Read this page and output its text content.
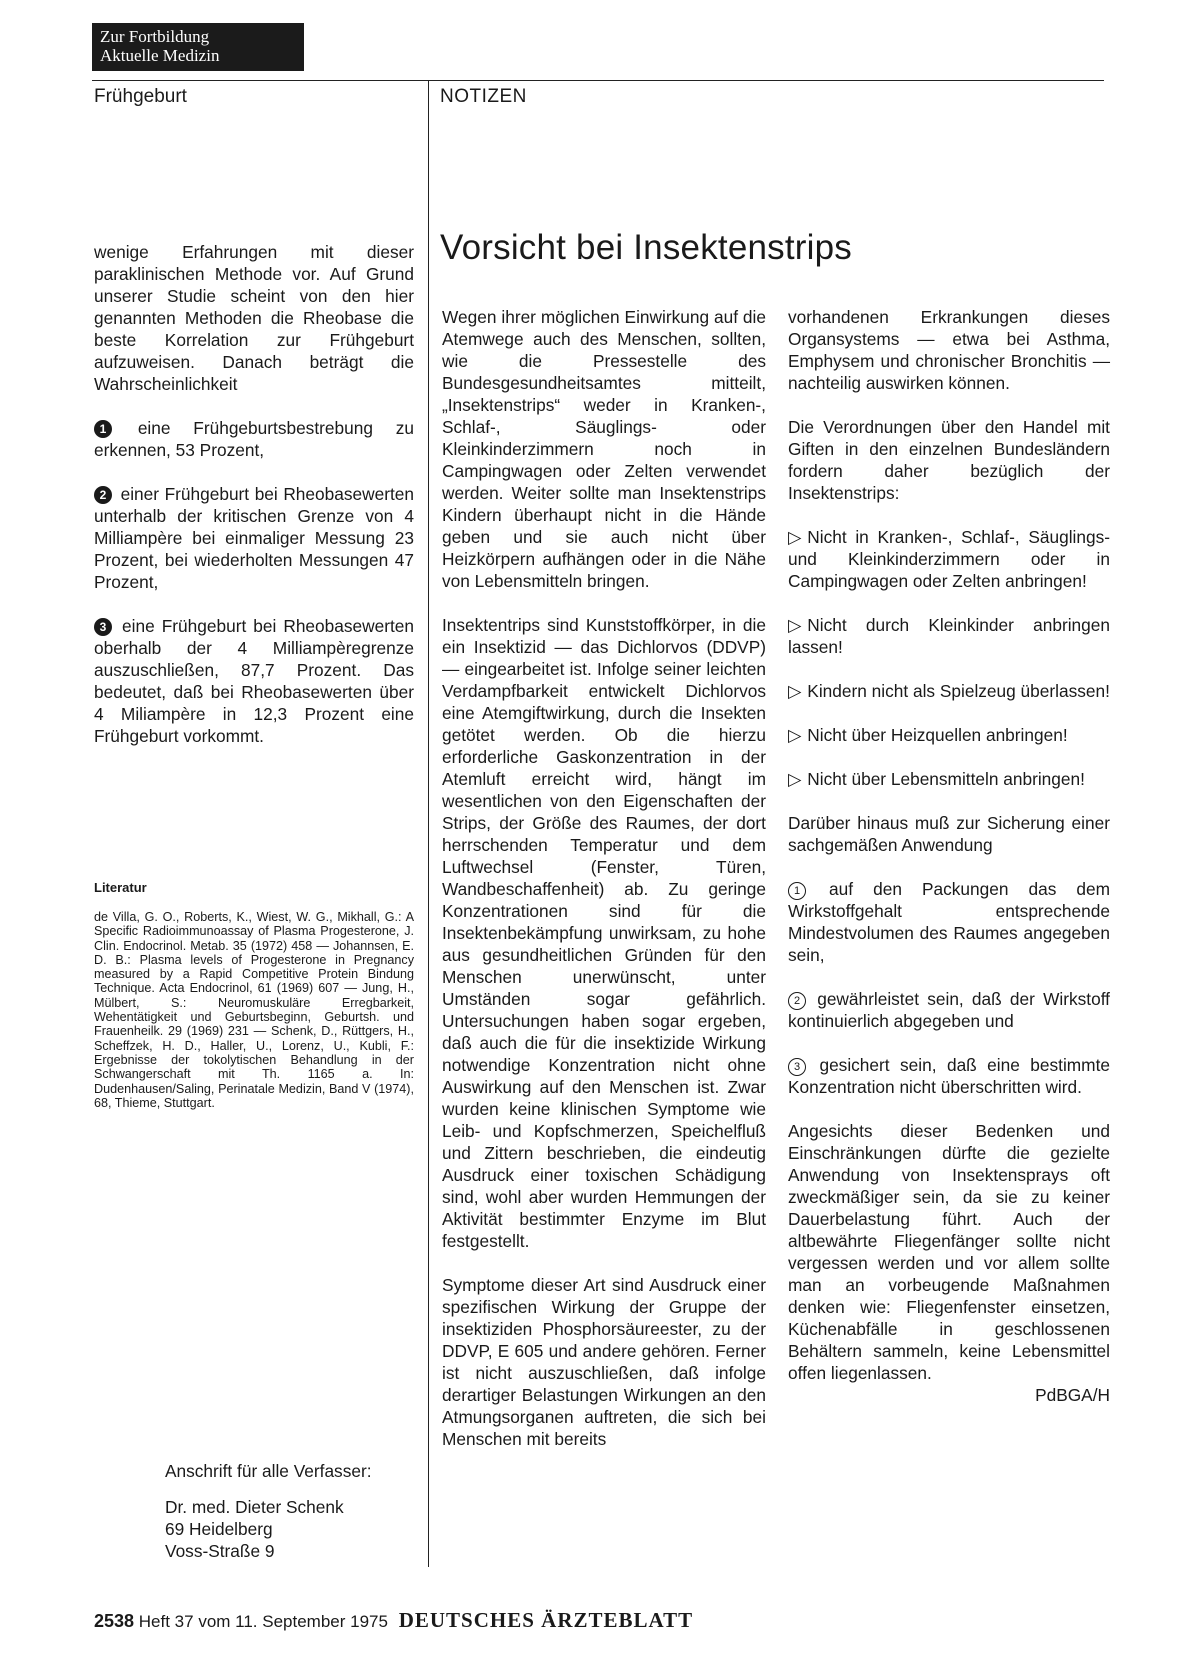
Zur Fortbildung
Aktuelle Medizin
Frühgeburt	NOTIZEN
Vorsicht bei Insektenstrips

wenige Erfahrungen mit dieser paraklinischen Methode vor. Auf Grund unserer Studie scheint von den hier genannten Methoden die Rheobase die beste Korrelation zur Frühgeburt aufzuweisen. Danach beträgt die Wahrscheinlichkeit

1 eine Frühgeburtsbestrebung zu erkennen, 53 Prozent,

2 einer Frühgeburt bei Rheobasewerten unterhalb der kritischen Grenze von 4 Milliampère bei einmaliger Messung 23 Prozent, bei wiederholten Messungen 47 Prozent,

3 eine Frühgeburt bei Rheobasewerten oberhalb der 4 Milliampèregrenze auszuschließen, 87,7 Prozent. Das bedeutet, daß bei Rheobasewerten über 4 Miliampère in 12,3 Prozent eine Frühgeburt vorkommt.

Literatur

de Villa, G. O., Roberts, K., Wiest, W. G., Mikhall, G.: A Specific Radioimmunoassay of Plasma Progesterone, J. Clin. Endocrinol. Metab. 35 (1972) 458 — Johannsen, E. D. B.: Plasma levels of Progesterone in Pregnancy measured by a Rapid Competitive Protein Bindung Technique. Acta Endocrinol, 61 (1969) 607 — Jung, H., Mülbert, S.: Neuromuskuläre Erregbarkeit, Wehentätigkeit und Geburtsbeginn, Geburtsh. und Frauenheilk. 29 (1969) 231 — Schenk, D., Rüttgers, H., Scheffzek, H. D., Haller, U., Lorenz, U., Kubli, F.: Ergebnisse der tokolytischen Behandlung in der Schwangerschaft mit Th. 1165 a. In: Dudenhausen/Saling, Perinatale Medizin, Band V (1974), 68, Thieme, Stuttgart.

Anschrift für alle Verfasser:
Dr. med. Dieter Schenk
69 Heidelberg
Voss-Straße 9

Wegen ihrer möglichen Einwirkung auf die Atemwege auch des Menschen, sollten, wie die Pressestelle des Bundesgesundheitsamtes mitteilt, „Insektenstrips“ weder in Kranken-, Schlaf-, Säuglings- oder Kleinkinderzimmern noch in Campingwagen oder Zelten verwendet werden. Weiter sollte man Insektenstrips Kindern überhaupt nicht in die Hände geben und sie auch nicht über Heizkörpern aufhängen oder in die Nähe von Lebensmitteln bringen.

Insektentrips sind Kunststoffkörper, in die ein Insektizid — das Dichlorvos (DDVP) — eingearbeitet ist. Infolge seiner leichten Verdampfbarkeit entwickelt Dichlorvos eine Atemgiftwirkung, durch die Insekten getötet werden. Ob die hierzu erforderliche Gaskonzentration in der Atemluft erreicht wird, hängt im wesentlichen von den Eigenschaften der Strips, der Größe des Raumes, der dort herrschenden Temperatur und dem Luftwechsel (Fenster, Türen, Wandbeschaffenheit) ab. Zu geringe Konzentrationen sind für die Insektenbekämpfung unwirksam, zu hohe aus gesundheitlichen Gründen für den Menschen unerwünscht, unter Umständen sogar gefährlich. Untersuchungen haben sogar ergeben, daß auch die für die insektizide Wirkung notwendige Konzentration nicht ohne Auswirkung auf den Menschen ist. Zwar wurden keine klinischen Symptome wie Leib- und Kopfschmerzen, Speichelfluß und Zittern beschrieben, die eindeutig Ausdruck einer toxischen Schädigung sind, wohl aber wurden Hemmungen der Aktivität bestimmter Enzyme im Blut festgestellt.

Symptome dieser Art sind Ausdruck einer spezifischen Wirkung der Gruppe der insektiziden Phosphorsäureester, zu der DDVP, E 605 und andere gehören. Ferner ist nicht auszuschließen, daß infolge derartiger Belastungen Wirkungen an den Atmungsorganen auftreten, die sich bei Menschen mit bereits

vorhandenen Erkrankungen dieses Organsystems — etwa bei Asthma, Emphysem und chronischer Bronchitis — nachteilig auswirken können.

Die Verordnungen über den Handel mit Giften in den einzelnen Bundesländern fordern daher bezüglich der Insektenstrips:

▷ Nicht in Kranken-, Schlaf-, Säuglings- und Kleinkinderzimmern oder in Campingwagen oder Zelten anbringen!

▷ Nicht durch Kleinkinder anbringen lassen!

▷ Kindern nicht als Spielzeug überlassen!

▷ Nicht über Heizquellen anbringen!

▷ Nicht über Lebensmitteln anbringen!

Darüber hinaus muß zur Sicherung einer sachgemäßen Anwendung

1 auf den Packungen das dem Wirkstoffgehalt entsprechende Mindestvolumen des Raumes angegeben sein,

2 gewährleistet sein, daß der Wirkstoff kontinuierlich abgegeben und

3 gesichert sein, daß eine bestimmte Konzentration nicht überschritten wird.

Angesichts dieser Bedenken und Einschränkungen dürfte die gezielte Anwendung von Insektensprays oft zweckmäßiger sein, da sie zu keiner Dauerbelastung führt. Auch der altbewährte Fliegenfänger sollte nicht vergessen werden und vor allem sollte man an vorbeugende Maßnahmen denken wie: Fliegenfenster einsetzen, Küchenabfälle in geschlossenen Behältern sammeln, keine Lebensmittel offen liegenlassen.
PdBGA/H

2538 Heft 37 vom 11. September 1975 DEUTSCHES ÄRZTEBLATT
